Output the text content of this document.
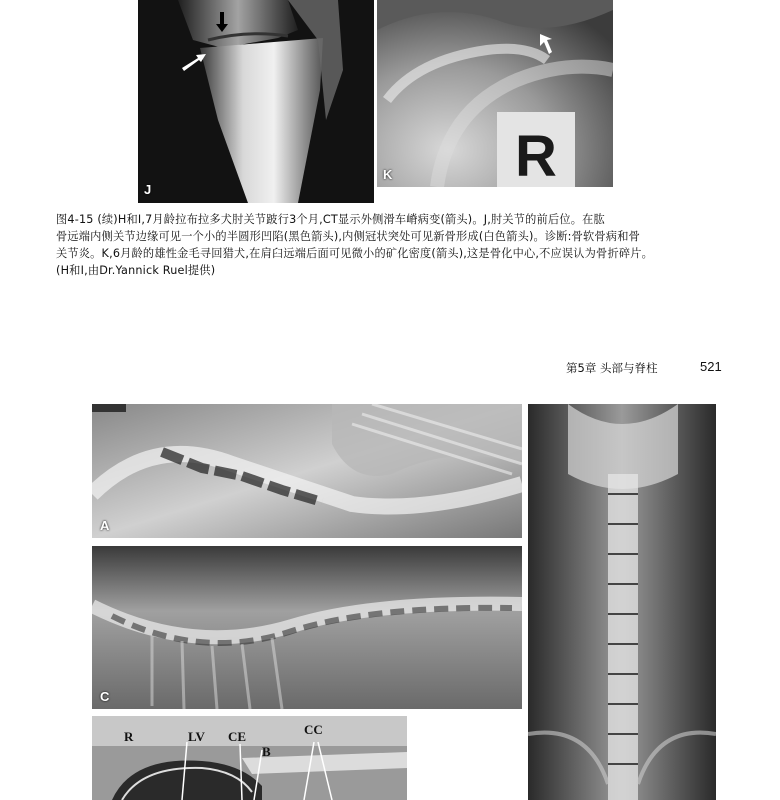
J
R
K
图4-15 (续)H和I,7月龄拉布拉多犬肘关节跛行3个月,CT显示外侧滑车嵴病变(箭头)。J,肘关节的前后位。在肱
骨远端内侧关节边缘可见一个小的半圆形凹陷(黑色箭头),内侧冠状突处可见新骨形成(白色箭头)。诊断:骨软骨病和骨
关节炎。K,6月龄的雄性金毛寻回猎犬,在肩臼远端后面可见微小的矿化密度(箭头),这是骨化中心,不应误认为骨折碎片。
(H和I,由Dr.Yannick Ruel提供)
第5章 头部与脊柱	521
A
C
R	LV CE
B
CC
